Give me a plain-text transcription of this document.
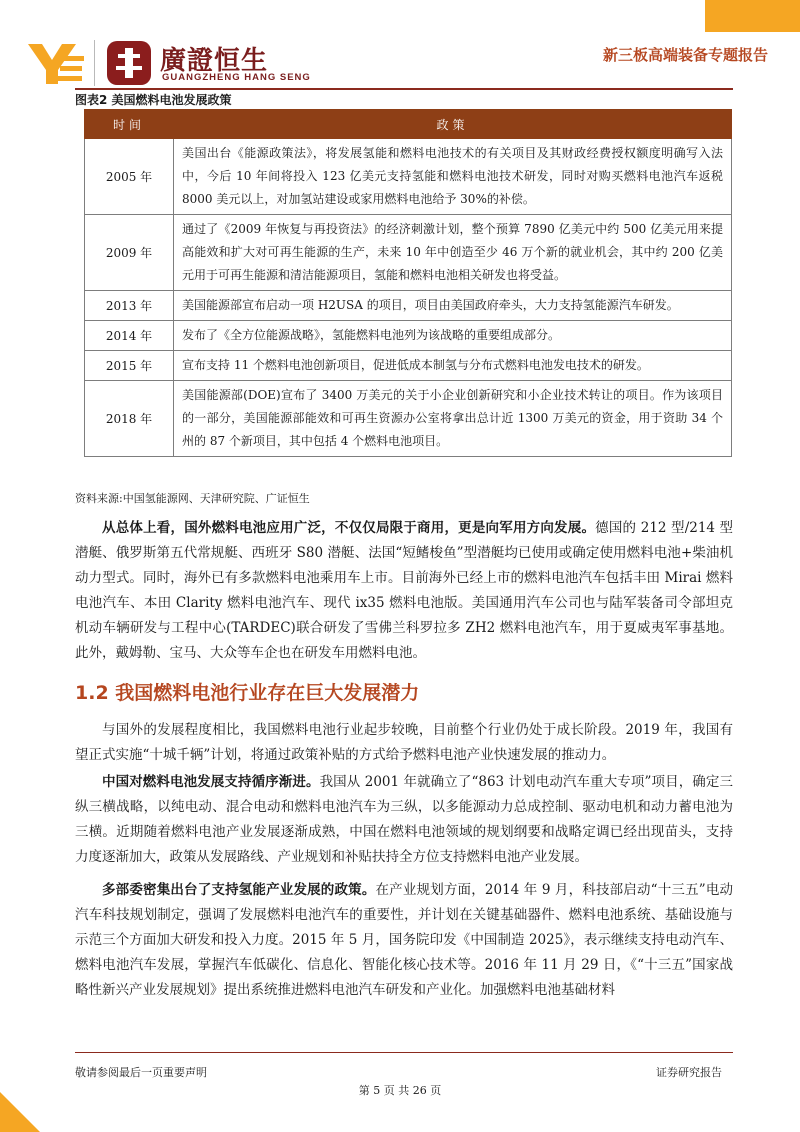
廣證恒生
GUANGZHENG HANG SENG
新三板高端装备专题报告
图表2 美国燃料电池发展政策
时间	政策
2005 年	美国出台《能源政策法》，将发展氢能和燃料电池技术的有关项目及其财政经费授权额度明确写入法中，今后 10 年间将投入 123 亿美元支持氢能和燃料电池技术研发，同时对购买燃料电池汽车返税 8000 美元以上，对加氢站建设或家用燃料电池给予 30%的补偿。
2009 年	通过了《2009 年恢复与再投资法》的经济刺激计划，整个预算 7890 亿美元中约 500 亿美元用来提高能效和扩大对可再生能源的生产，未来 10 年中创造至少 46 万个新的就业机会，其中约 200 亿美元用于可再生能源和清洁能源项目，氢能和燃料电池相关研发也将受益。
2013 年	美国能源部宣布启动一项 H2USA 的项目，项目由美国政府牵头，大力支持氢能源汽车研发。
2014 年	发布了《全方位能源战略》，氢能燃料电池列为该战略的重要组成部分。
2015 年	宣布支持 11 个燃料电池创新项目，促进低成本制氢与分布式燃料电池发电技术的研发。
2018 年	美国能源部(DOE)宣布了 3400 万美元的关于小企业创新研究和小企业技术转让的项目。作为该项目的一部分，美国能源部能效和可再生资源办公室将拿出总计近 1300 万美元的资金，用于资助 34 个州的 87 个新项目，其中包括 4 个燃料电池项目。
资料来源:中国氢能源网、天津研究院、广证恒生

从总体上看，国外燃料电池应用广泛，不仅仅局限于商用，更是向军用方向发展。德国的 212 型/214 型潜艇、俄罗斯第五代常规艇、西班牙 S80 潜艇、法国“短鳍梭鱼”型潜艇均已使用或确定使用燃料电池+柴油机动力型式。同时，海外已有多款燃料电池乘用车上市。目前海外已经上市的燃料电池汽车包括丰田 Mirai 燃料电池汽车、本田 Clarity 燃料电池汽车、现代 ix35 燃料电池版。美国通用汽车公司也与陆军装备司令部坦克机动车辆研发与工程中心(TARDEC)联合研发了雪佛兰科罗拉多 ZH2 燃料电池汽车，用于夏威夷军事基地。此外，戴姆勒、宝马、大众等车企也在研发车用燃料电池。

1.2 我国燃料电池行业存在巨大发展潜力

与国外的发展程度相比，我国燃料电池行业起步较晚，目前整个行业仍处于成长阶段。2019 年，我国有望正式实施“十城千辆”计划，将通过政策补贴的方式给予燃料电池产业快速发展的推动力。

中国对燃料电池发展支持循序渐进。我国从 2001 年就确立了“863 计划电动汽车重大专项”项目，确定三纵三横战略，以纯电动、混合电动和燃料电池汽车为三纵，以多能源动力总成控制、驱动电机和动力蓄电池为三横。近期随着燃料电池产业发展逐渐成熟，中国在燃料电池领域的规划纲要和战略定调已经出现苗头，支持力度逐渐加大，政策从发展路线、产业规划和补贴扶持全方位支持燃料电池产业发展。

多部委密集出台了支持氢能产业发展的政策。在产业规划方面，2014 年 9 月，科技部启动“十三五”电动汽车科技规划制定，强调了发展燃料电池汽车的重要性，并计划在关键基础器件、燃料电池系统、基础设施与示范三个方面加大研发和投入力度。2015 年 5 月，国务院印发《中国制造 2025》，表示继续支持电动汽车、燃料电池汽车发展，掌握汽车低碳化、信息化、智能化核心技术等。2016 年 11 月 29 日，《“十三五”国家战略性新兴产业发展规划》提出系统推进燃料电池汽车研发和产业化。加强燃料电池基础材料

敬请参阅最后一页重要声明	证券研究报告
第 5 页 共 26 页
